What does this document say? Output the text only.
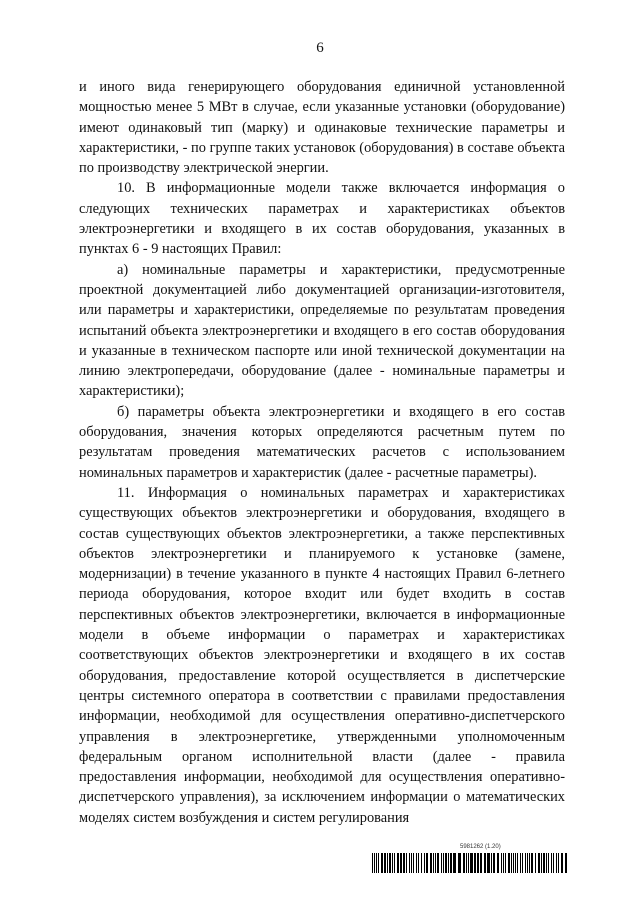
6

и иного вида генерирующего оборудования единичной установленной мощностью менее 5 МВт в случае, если указанные установки (оборудование) имеют одинаковый тип (марку) и одинаковые технические параметры и характеристики, - по группе таких установок (оборудования) в составе объекта по производству электрической энергии.

10. В информационные модели также включается информация о следующих технических параметрах и характеристиках объектов электроэнергетики и входящего в их состав оборудования, указанных в пунктах 6 - 9 настоящих Правил:

а) номинальные параметры и характеристики, предусмотренные проектной документацией либо документацией организации-изготовителя, или параметры и характеристики, определяемые по результатам проведения испытаний объекта электроэнергетики и входящего в его состав оборудования и указанные в техническом паспорте или иной технической документации на линию электропередачи, оборудование (далее - номинальные параметры и характеристики);

б) параметры объекта электроэнергетики и входящего в его состав оборудования, значения которых определяются расчетным путем по результатам проведения математических расчетов с использованием номинальных параметров и характеристик (далее - расчетные параметры).

11. Информация о номинальных параметрах и характеристиках существующих объектов электроэнергетики и оборудования, входящего в состав существующих объектов электроэнергетики, а также перспективных объектов электроэнергетики и планируемого к установке (замене, модернизации) в течение указанного в пункте 4 настоящих Правил 6-летнего периода оборудования, которое входит или будет входить в состав перспективных объектов электроэнергетики, включается в информационные модели в объеме информации о параметрах и характеристиках соответствующих объектов электроэнергетики и входящего в их состав оборудования, предоставление которой осуществляется в диспетчерские центры системного оператора в соответствии с правилами предоставления информации, необходимой для осуществления оперативно-диспетчерского управления в электроэнергетике, утвержденными уполномоченным федеральным органом исполнительной власти (далее - правила предоставления информации, необходимой для осуществления оперативно-диспетчерского управления), за исключением информации о математических моделях систем возбуждения и систем регулирования

5981262 (1.20)
